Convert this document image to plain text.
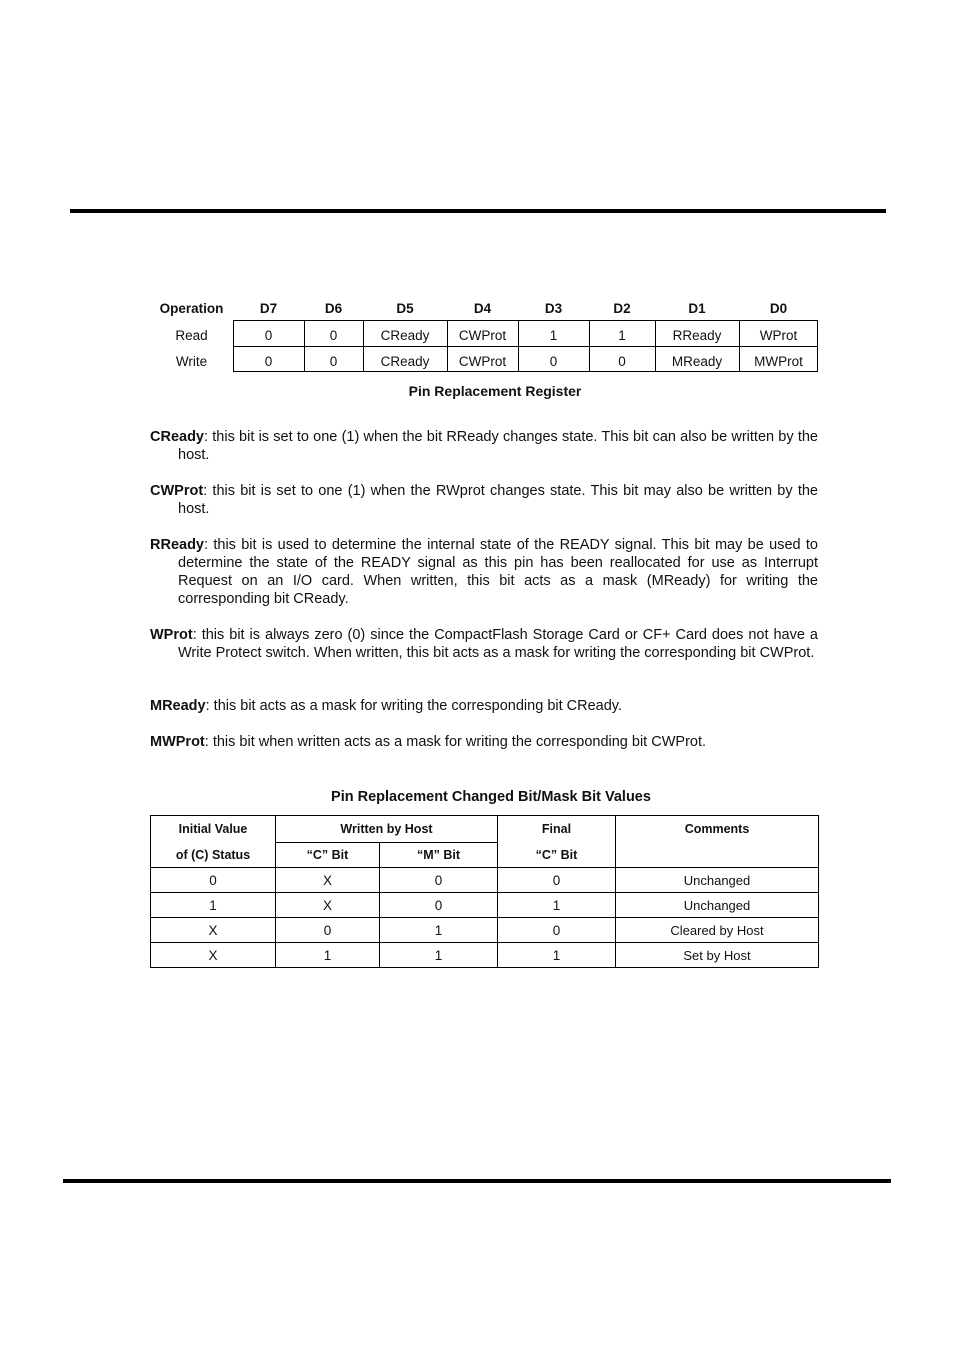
Operation	D7	D6	D5	D4	D3	D2	D1	D0
Read	0	0	CReady	CWProt	1	1	RReady	WProt
Write	0	0	CReady	CWProt	0	0	MReady	MWProt
Pin Replacement Register
CReady: this bit is set to one (1) when the bit RReady changes state. This bit can also be written by the host.
CWProt: this bit is set to one (1) when the RWprot changes state. This bit may also be written by the host.
RReady: this bit is used to determine the internal state of the READY signal. This bit may be used to determine the state of the READY signal as this pin has been reallocated for use as Interrupt Request on an I/O card. When written, this bit acts as a mask (MReady) for writing the corresponding bit CReady.
WProt: this bit is always zero (0) since the CompactFlash Storage Card or CF+ Card does not have a Write Protect switch. When written, this bit acts as a mask for writing the corresponding bit CWProt.
MReady: this bit acts as a mask for writing the corresponding bit CReady.
MWProt: this bit when written acts as a mask for writing the corresponding bit CWProt.
Pin Replacement Changed Bit/Mask Bit Values
Initial Value	Written by Host		Final	Comments
of (C) Status	“C” Bit	“M” Bit	“C” Bit	
0	X	0	0	Unchanged
1	X	0	1	Unchanged
X	0	1	0	Cleared by Host
X	1	1	1	Set by Host
